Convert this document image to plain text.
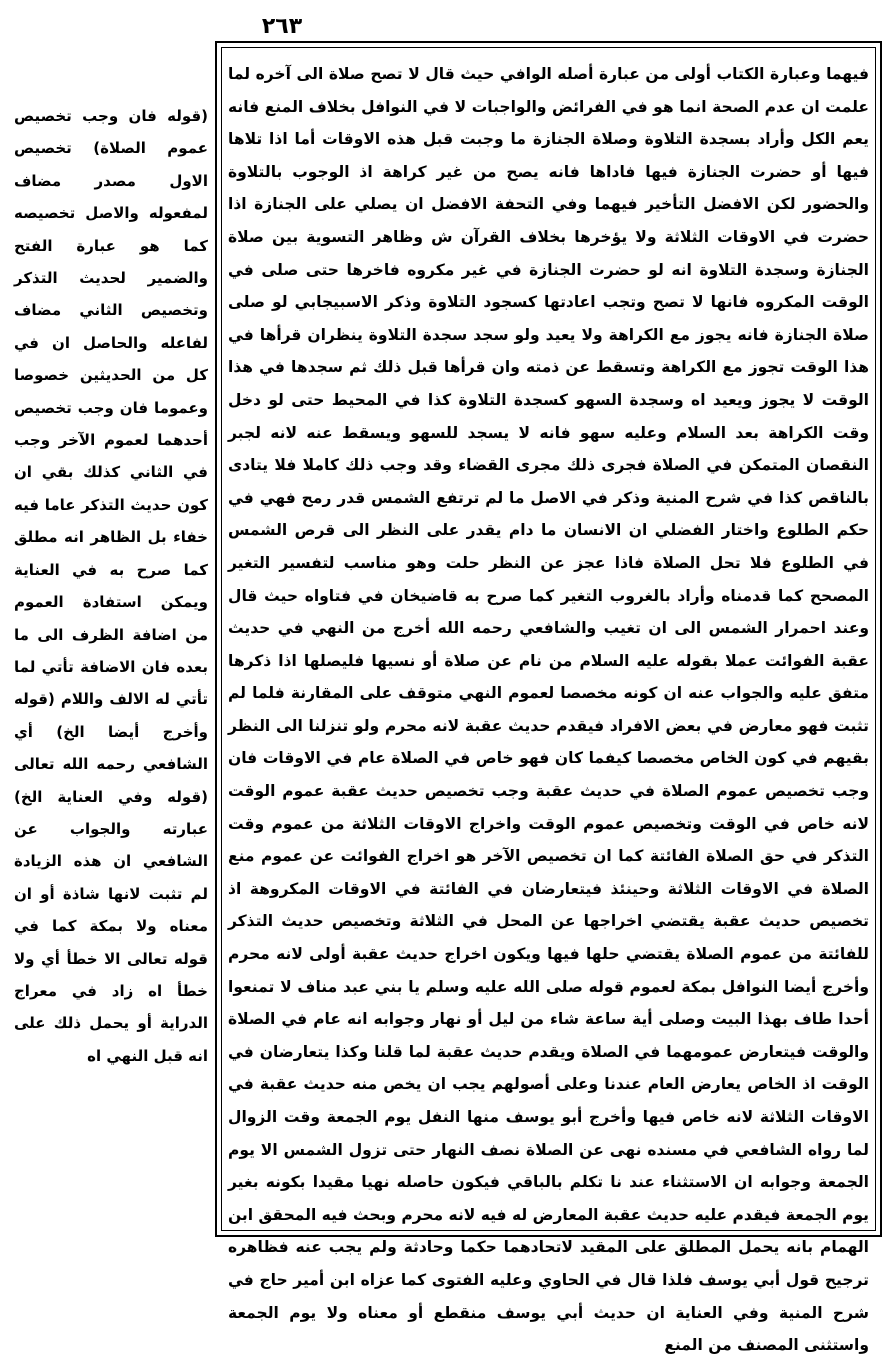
٢٦٣

فيهما وعبارة الكتاب أولى من عبارة أصله الوافي حيث قال لا تصح صلاة الى آخره لما علمت ان عدم الصحة انما هو في الفرائض والواجبات لا في النوافل بخلاف المنع فانه يعم الكل وأراد بسجدة التلاوة وصلاة الجنازة ما وجبت قبل هذه الاوقات أما اذا تلاها فيها أو حضرت الجنازة فيها فاداها فانه يصح من غير كراهة اذ الوجوب بالتلاوة والحضور لكن الافضل التأخير فيهما وفي التحفة الافضل ان يصلي على الجنازة اذا حضرت في الاوقات الثلاثة ولا يؤخرها بخلاف القرآن ش وظاهر التسوية بين صلاة الجنازة وسجدة التلاوة انه لو حضرت الجنازة في غير مكروه فاخرها حتى صلى في الوقت المكروه فانها لا تصح وتجب اعادتها كسجود التلاوة وذكر الاسبيجابي لو صلى صلاة الجنازة فانه يجوز مع الكراهة ولا يعيد ولو سجد سجدة التلاوة ينظران قرأها في هذا الوقت تجوز مع الكراهة وتسقط عن ذمته وان قرأها قبل ذلك ثم سجدها في هذا الوقت لا يجوز ويعيد اه وسجدة السهو كسجدة التلاوة كذا في المحيط حتى لو دخل وقت الكراهة بعد السلام وعليه سهو فانه لا يسجد للسهو ويسقط عنه لانه لجبر النقصان المتمكن في الصلاة فجرى ذلك مجرى القضاء وقد وجب ذلك كاملا فلا يتادى بالناقص كذا في شرح المنية وذكر في الاصل ما لم ترتفع الشمس قدر رمح فهي في حكم الطلوع واختار الفضلي ان الانسان ما دام يقدر على النظر الى قرص الشمس في الطلوع فلا تحل الصلاة فاذا عجز عن النظر حلت وهو مناسب لتفسير التغير المصحح كما قدمناه وأراد بالغروب التغير كما صرح به قاضيخان في فتاواه حيث قال وعند احمرار الشمس الى ان تغيب والشافعي رحمه الله أخرج من النهي في حديث عقبة الفوائت عملا بقوله عليه السلام من نام عن صلاة أو نسيها فليصلها اذا ذكرها متفق عليه والجواب عنه ان كونه مخصصا لعموم النهي متوقف على المقارنة فلما لم تثبت فهو معارض في بعض الافراد فيقدم حديث عقبة لانه محرم ولو تنزلنا الى النظر بقيهم في كون الخاص مخصصا كيفما كان فهو خاص في الصلاة عام في الاوقات فان وجب تخصيص عموم الصلاة في حديث عقبة وجب تخصيص حديث عقبة عموم الوقت لانه خاص في الوقت وتخصيص عموم الوقت واخراج الاوقات الثلاثة من عموم وقت التذكر في حق الصلاة الفائتة كما ان تخصيص الآخر هو اخراج الفوائت عن عموم منع الصلاة في الاوقات الثلاثة وحينئذ فيتعارضان في الفائتة في الاوقات المكروهة اذ تخصيص حديث عقبة يقتضي اخراجها عن المحل في الثلاثة وتخصيص حديث التذكر للفائتة من عموم الصلاة يقتضي حلها فيها ويكون اخراج حديث عقبة أولى لانه محرم وأخرج أيضا النوافل بمكة لعموم قوله صلى الله عليه وسلم يا بني عبد مناف لا تمنعوا أحدا طاف بهذا البيت وصلى أية ساعة شاء من ليل أو نهار وجوابه انه عام في الصلاة والوقت فيتعارض عمومهما في الصلاة ويقدم حديث عقبة لما قلنا وكذا يتعارضان في الوقت اذ الخاص يعارض العام عندنا وعلى أصولهم يجب ان يخص منه حديث عقبة في الاوقات الثلاثة لانه خاص فيها وأخرج أبو يوسف منها النفل يوم الجمعة وقت الزوال لما رواه الشافعي في مسنده نهى عن الصلاة نصف النهار حتى تزول الشمس الا يوم الجمعة وجوابه ان الاستثناء عند نا تكلم بالباقي فيكون حاصله نهيا مقيدا بكونه بغير يوم الجمعة فيقدم عليه حديث عقبة المعارض له فيه لانه محرم وبحث فيه المحقق ابن الهمام بانه يحمل المطلق على المقيد لاتحادهما حكما وحادثة ولم يجب عنه فظاهره ترجيح قول أبي يوسف فلذا قال في الحاوي وعليه الفتوى كما عزاه ابن أمير حاج في شرح المنية وفي العناية ان حديث أبي يوسف منقطع أو معناه ولا يوم الجمعة واستثنى المصنف من المنع

(قوله فان وجب تخصيص عموم الصلاة) تخصيص الاول مصدر مضاف لمفعوله والاصل تخصيصه كما هو عبارة الفتح والضمير لحديث التذكر وتخصيص الثاني مضاف لفاعله والحاصل ان في كل من الحديثين خصوصا وعموما فان وجب تخصيص أحدهما لعموم الآخر وجب في الثاني كذلك بقي ان كون حديث التذكر عاما فيه خفاء بل الظاهر انه مطلق كما صرح به في العناية ويمكن استفادة العموم من اضافة الظرف الى ما بعده فان الاضافة تأتي لما تأتي له الالف واللام (قوله وأخرج أيضا الخ) أي الشافعي رحمه الله تعالى (قوله وفي العناية الخ) عبارته والجواب عن الشافعي ان هذه الزيادة لم تثبت لانها شاذة أو ان معناه ولا بمكة كما في قوله تعالى الا خطأ أي ولا خطأ اه زاد في معراج الدراية أو يحمل ذلك على انه قبل النهي اه
